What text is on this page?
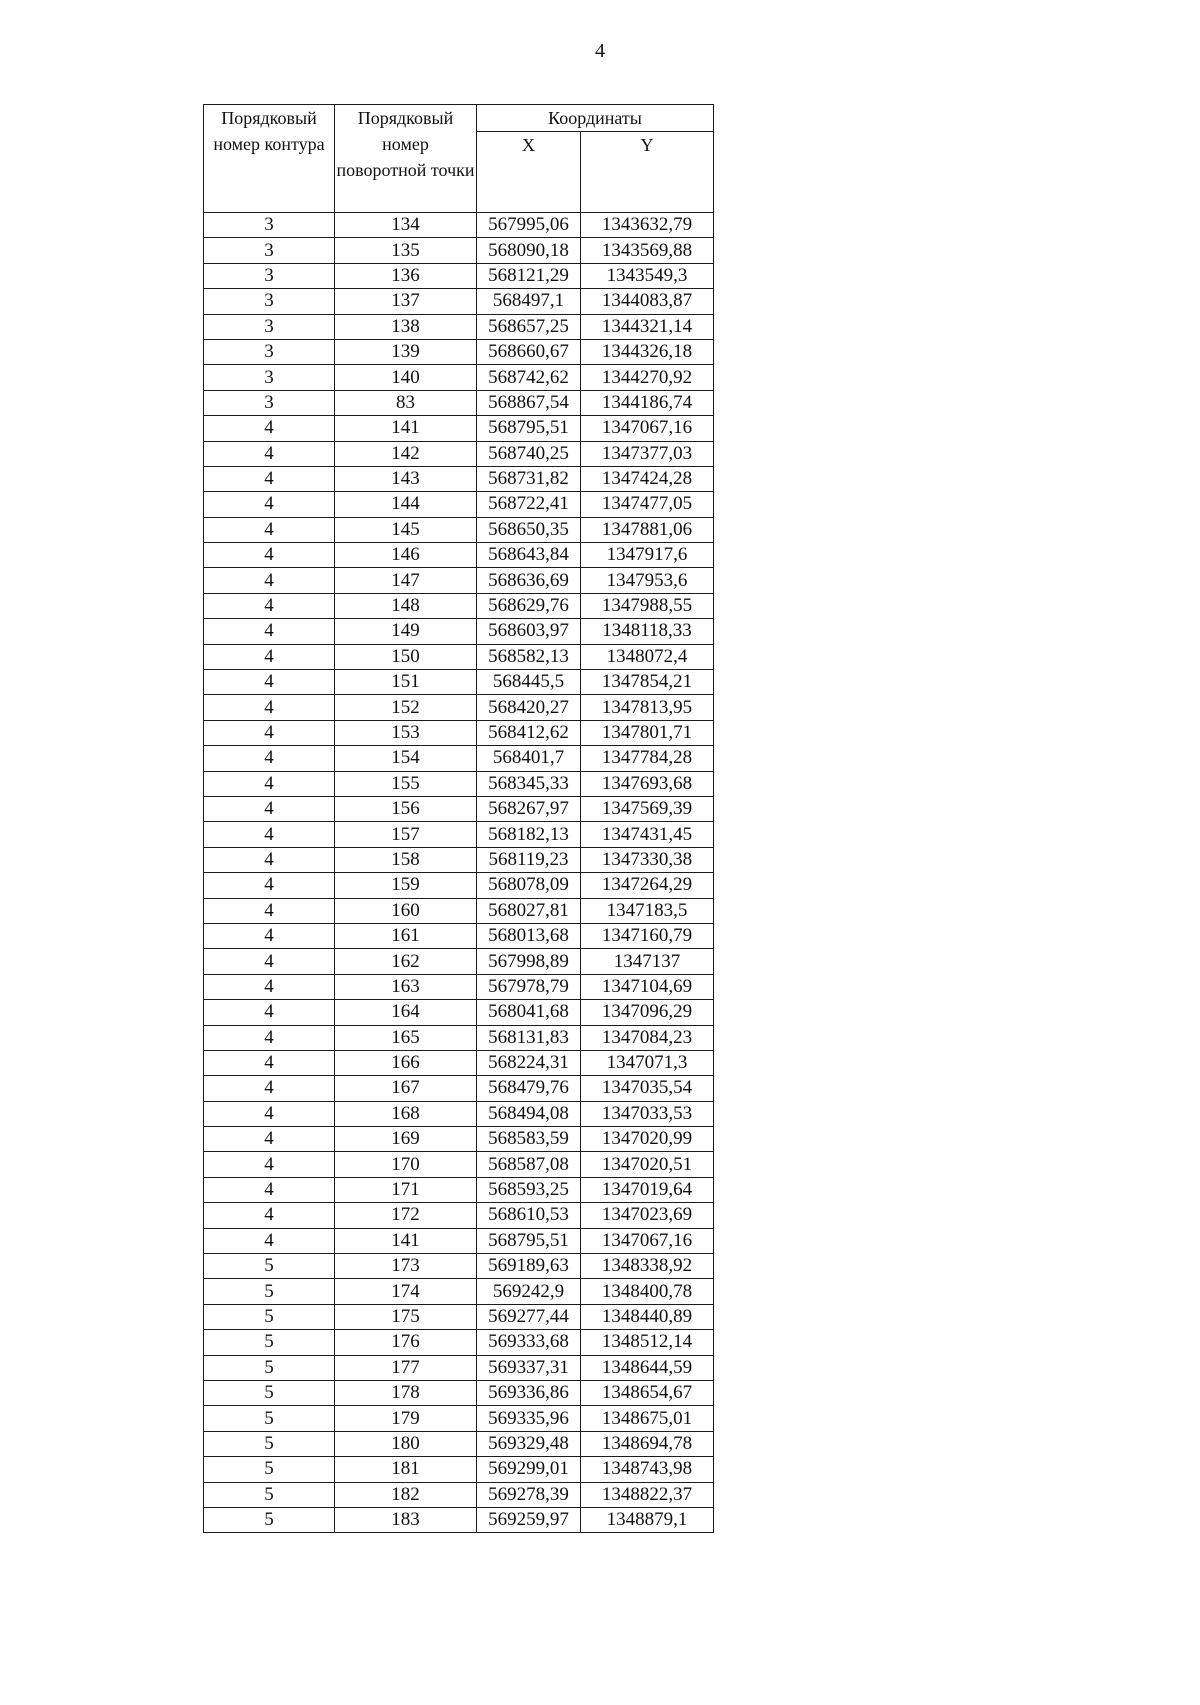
4
Порядковый номер контура	Порядковый номер поворотной точки	Координаты	
		X	Y
3	134	567995,06	1343632,79
3	135	568090,18	1343569,88
3	136	568121,29	1343549,3
3	137	568497,1	1344083,87
3	138	568657,25	1344321,14
3	139	568660,67	1344326,18
3	140	568742,62	1344270,92
3	83	568867,54	1344186,74
4	141	568795,51	1347067,16
4	142	568740,25	1347377,03
4	143	568731,82	1347424,28
4	144	568722,41	1347477,05
4	145	568650,35	1347881,06
4	146	568643,84	1347917,6
4	147	568636,69	1347953,6
4	148	568629,76	1347988,55
4	149	568603,97	1348118,33
4	150	568582,13	1348072,4
4	151	568445,5	1347854,21
4	152	568420,27	1347813,95
4	153	568412,62	1347801,71
4	154	568401,7	1347784,28
4	155	568345,33	1347693,68
4	156	568267,97	1347569,39
4	157	568182,13	1347431,45
4	158	568119,23	1347330,38
4	159	568078,09	1347264,29
4	160	568027,81	1347183,5
4	161	568013,68	1347160,79
4	162	567998,89	1347137
4	163	567978,79	1347104,69
4	164	568041,68	1347096,29
4	165	568131,83	1347084,23
4	166	568224,31	1347071,3
4	167	568479,76	1347035,54
4	168	568494,08	1347033,53
4	169	568583,59	1347020,99
4	170	568587,08	1347020,51
4	171	568593,25	1347019,64
4	172	568610,53	1347023,69
4	141	568795,51	1347067,16
5	173	569189,63	1348338,92
5	174	569242,9	1348400,78
5	175	569277,44	1348440,89
5	176	569333,68	1348512,14
5	177	569337,31	1348644,59
5	178	569336,86	1348654,67
5	179	569335,96	1348675,01
5	180	569329,48	1348694,78
5	181	569299,01	1348743,98
5	182	569278,39	1348822,37
5	183	569259,97	1348879,1
